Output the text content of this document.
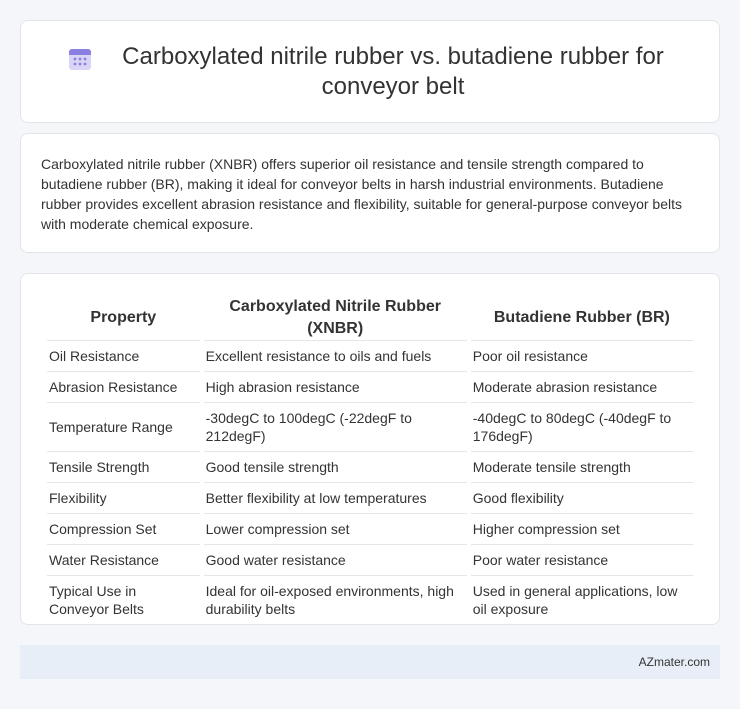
Carboxylated nitrile rubber vs. butadiene rubber for conveyor belt

Carboxylated nitrile rubber (XNBR) offers superior oil resistance and tensile strength compared to butadiene rubber (BR), making it ideal for conveyor belts in harsh industrial environments. Butadiene rubber provides excellent abrasion resistance and flexibility, suitable for general-purpose conveyor belts with moderate chemical exposure.

Property	Carboxylated Nitrile Rubber (XNBR)	Butadiene Rubber (BR)
Oil Resistance	Excellent resistance to oils and fuels	Poor oil resistance
Abrasion Resistance	High abrasion resistance	Moderate abrasion resistance
Temperature Range	-30degC to 100degC (-22degF to 212degF)	-40degC to 80degC (-40degF to 176degF)
Tensile Strength	Good tensile strength	Moderate tensile strength
Flexibility	Better flexibility at low temperatures	Good flexibility
Compression Set	Lower compression set	Higher compression set
Water Resistance	Good water resistance	Poor water resistance
Typical Use in Conveyor Belts	Ideal for oil-exposed environments, high durability belts	Used in general applications, low oil exposure
AZmater.com
